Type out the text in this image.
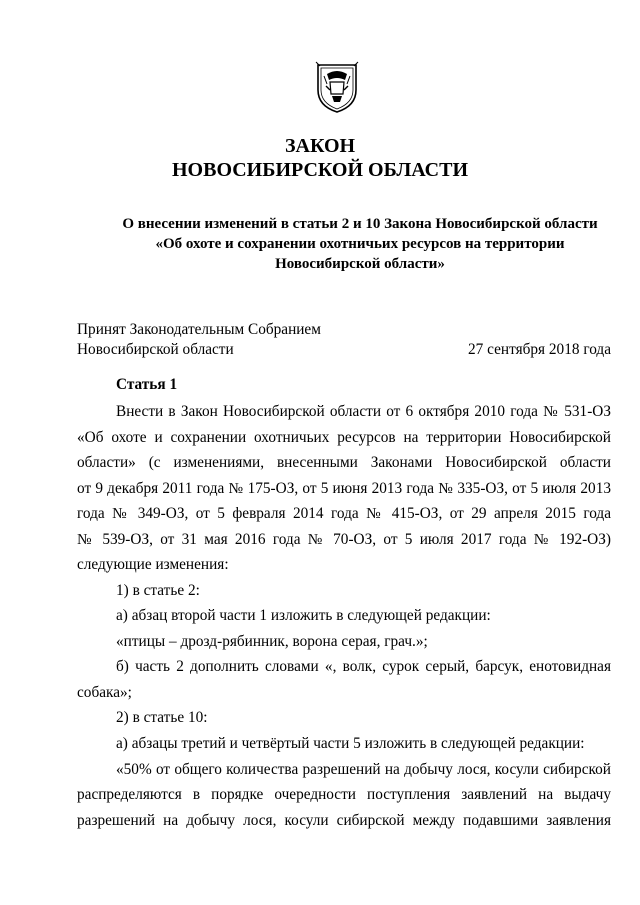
ЗАКОН
НОВОСИБИРСКОЙ ОБЛАСТИ
О внесении изменений в статьи 2 и 10 Закона Новосибирской области
«Об охоте и сохранении охотничьих ресурсов на территории
Новосибирской области»
Принят Законодательным Собранием
Новосибирской области	27 сентября 2018 года
Статья 1
Внести в Закон Новосибирской области от 6 октября 2010 года № 531-ОЗ
«Об охоте и сохранении охотничьих ресурсов на территории Новосибирской
области» (с изменениями, внесенными Законами Новосибирской области
от 9 декабря 2011 года № 175-ОЗ, от 5 июня 2013 года № 335-ОЗ, от 5 июля 2013
года № 349-ОЗ, от 5 февраля 2014 года № 415-ОЗ, от 29 апреля 2015 года
№ 539-ОЗ, от 31 мая 2016 года № 70-ОЗ, от 5 июля 2017 года № 192-ОЗ)
следующие изменения:
1) в статье 2:
а) абзац второй части 1 изложить в следующей редакции:
«птицы – дрозд-рябинник, ворона серая, грач.»;
б) часть 2 дополнить словами «, волк, сурок серый, барсук, енотовидная
собака»;
2) в статье 10:
а) абзацы третий и четвёртый части 5 изложить в следующей редакции:
«50% от общего количества разрешений на добычу лося, косули сибирской
распределяются в порядке очередности поступления заявлений на выдачу
разрешений на добычу лося, косули сибирской между подавшими заявления
